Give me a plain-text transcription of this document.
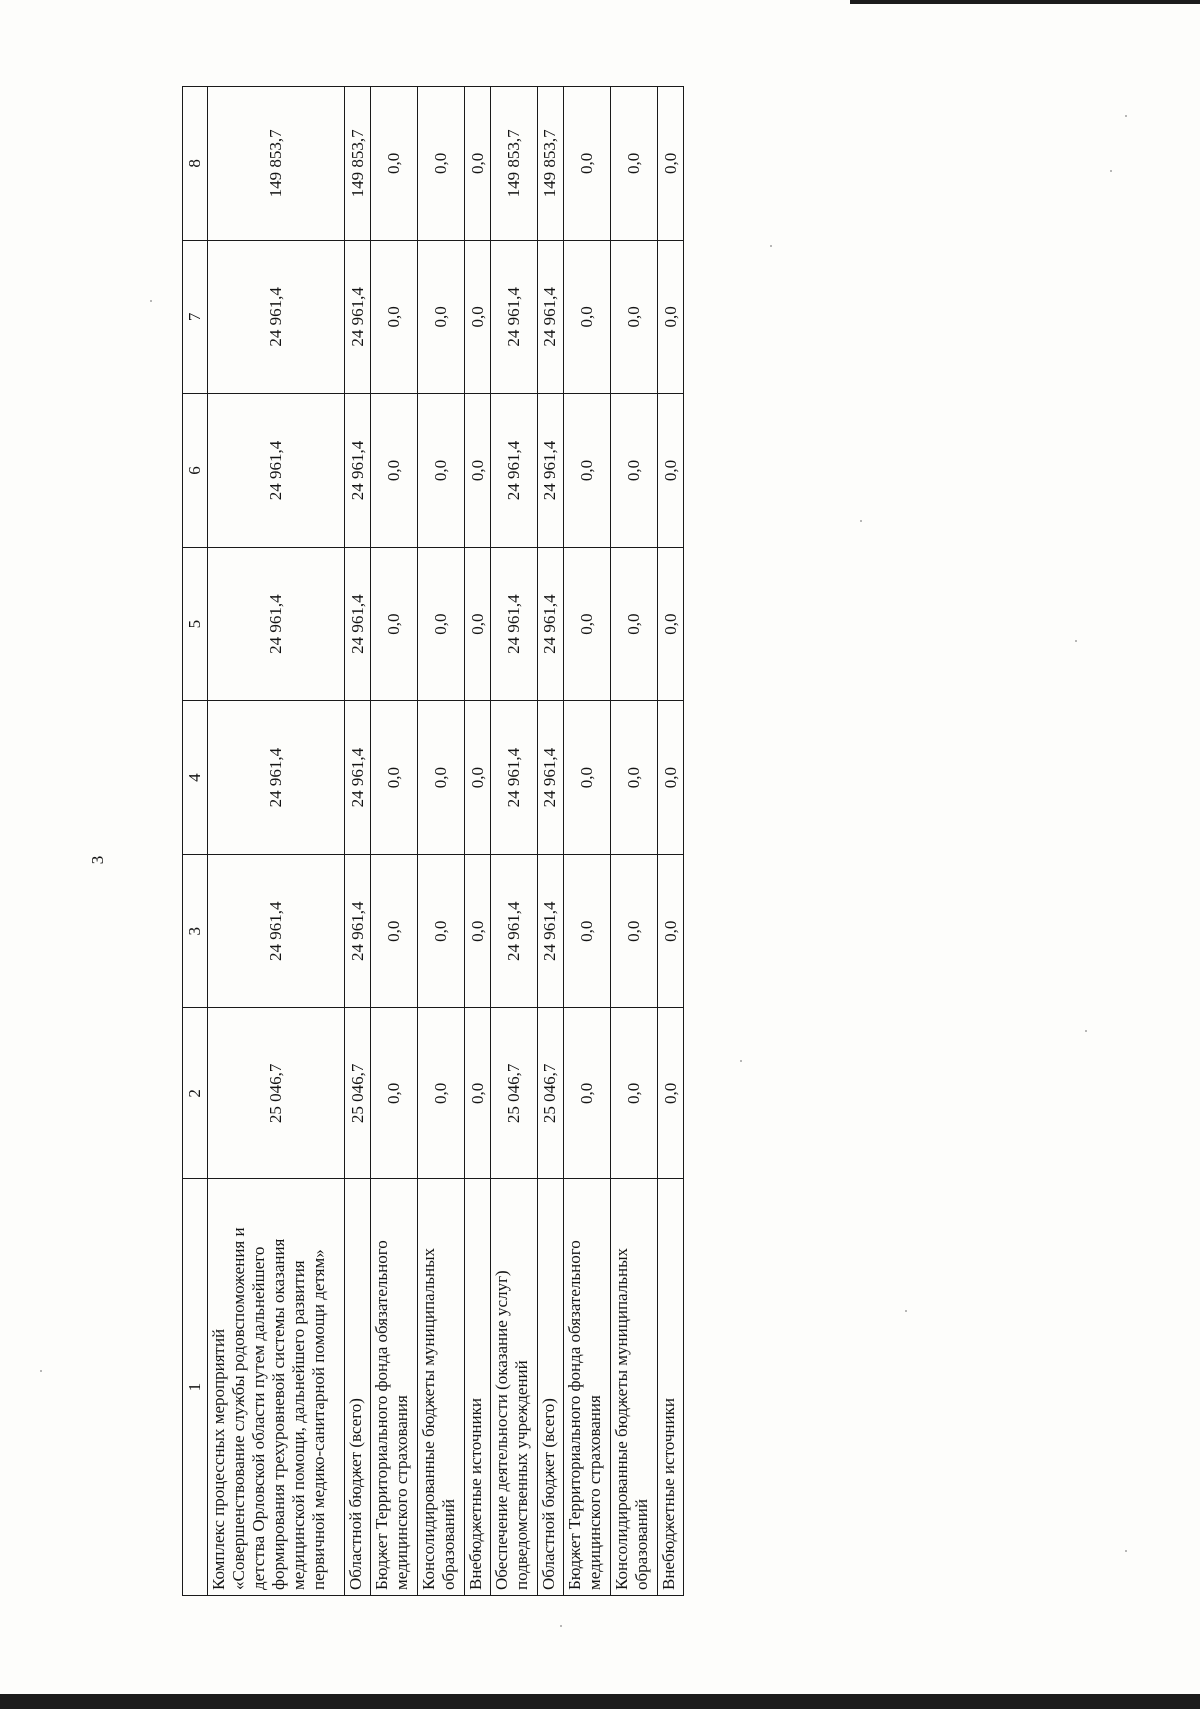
3
1	2	3	4	5	6	7	8
Комплекс процессных мероприятий «Совершенствование службы родовспоможения и детства Орловской области путем дальнейшего формирования трехуровневой системы оказания медицинской помощи, дальнейшего развития первичной медико-санитарной помощи детям»	25 046,7	24 961,4	24 961,4	24 961,4	24 961,4	24 961,4	149 853,7
Областной бюджет (всего)	25 046,7	24 961,4	24 961,4	24 961,4	24 961,4	24 961,4	149 853,7
Бюджет Территориального фонда обязательного медицинского страхования	0,0	0,0	0,0	0,0	0,0	0,0	0,0
Консолидированные бюджеты муниципальных образований	0,0	0,0	0,0	0,0	0,0	0,0	0,0
Внебюджетные источники	0,0	0,0	0,0	0,0	0,0	0,0	0,0
Обеспечение деятельности (оказание услуг) подведомственных учреждений	25 046,7	24 961,4	24 961,4	24 961,4	24 961,4	24 961,4	149 853,7
Областной бюджет (всего)	25 046,7	24 961,4	24 961,4	24 961,4	24 961,4	24 961,4	149 853,7
Бюджет Территориального фонда обязательного медицинского страхования	0,0	0,0	0,0	0,0	0,0	0,0	0,0
Консолидированные бюджеты муниципальных образований	0,0	0,0	0,0	0,0	0,0	0,0	0,0
Внебюджетные источники	0,0	0,0	0,0	0,0	0,0	0,0	0,0
